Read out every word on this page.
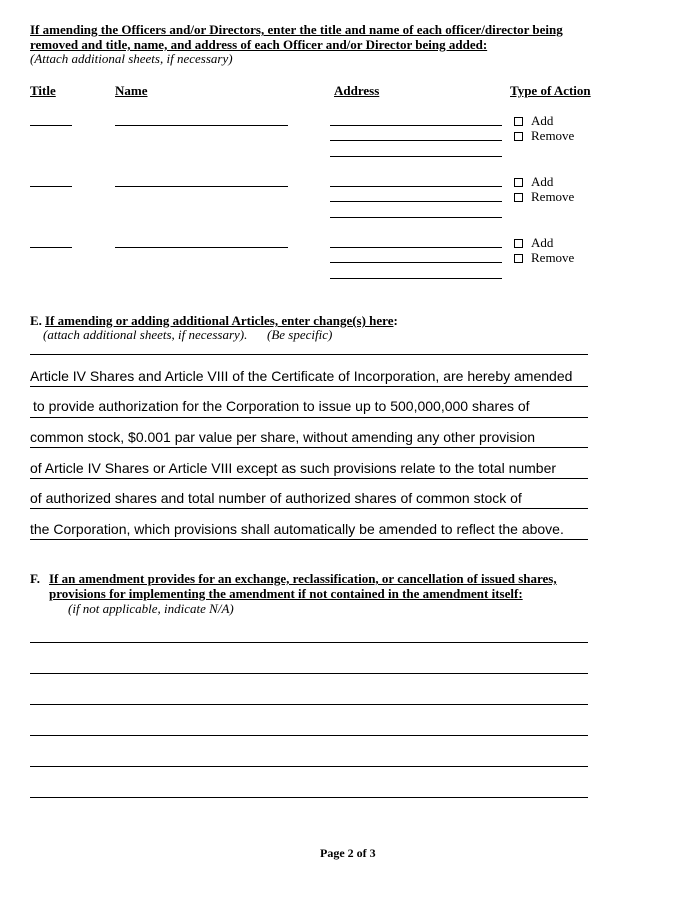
If amending the Officers and/or Directors, enter the title and name of each officer/director being
removed and title, name, and address of each Officer and/or Director being added:
(Attach additional sheets, if necessary)
Title	Name	Address	Type of Action
Add
Remove
Add
Remove
Add
Remove
E. If amending or adding additional Articles, enter change(s) here:
(attach additional sheets, if necessary). (Be specific)
Article IV Shares and Article VIII of the Certificate of Incorporation, are hereby amended
to provide authorization for the Corporation to issue up to 500,000,000 shares of
common stock, $0.001 par value per share, without amending any other provision
of Article IV Shares or Article VIII except as such provisions relate to the total number
of authorized shares and total number of authorized shares of common stock of
the Corporation, which provisions shall automatically be amended to reflect the above.
F. If an amendment provides for an exchange, reclassification, or cancellation of issued shares,
provisions for implementing the amendment if not contained in the amendment itself:
(if not applicable, indicate N/A)
Page 2 of 3
